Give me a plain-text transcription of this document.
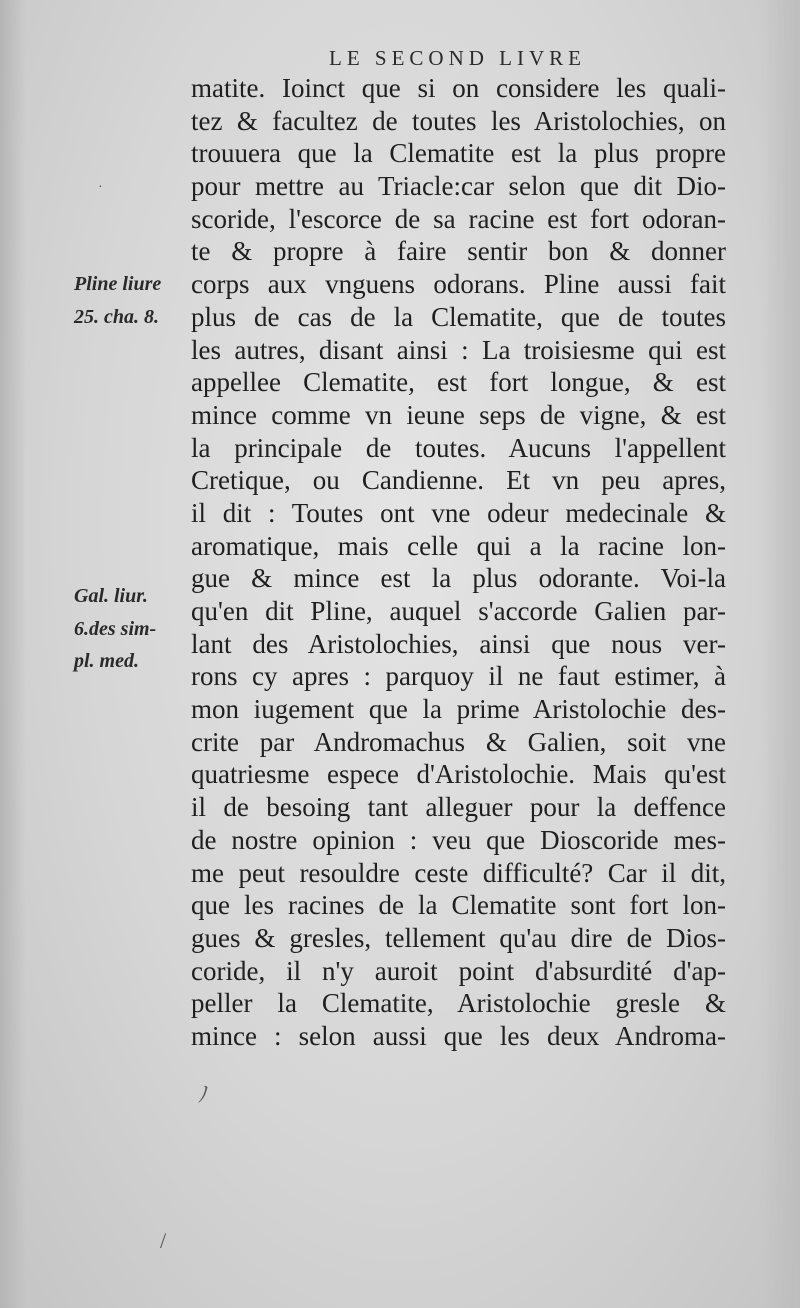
LE SECOND LIVRE
matite. Ioinct que si on considere les quali-
tez & facultez de toutes les Aristolochies, on
trouuera que la Clematite est la plus propre
pour mettre au Triacle:car selon que dit Dio-
scoride, l'escorce de sa racine est fort odoran-
te & propre à faire sentir bon & donner
corps aux vnguens odorans. Pline aussi fait
plus de cas de la Clematite, que de toutes
les autres, disant ainsi : La troisiesme qui est
appellee Clematite, est fort longue, & est
mince comme vn ieune seps de vigne, & est
la principale de toutes. Aucuns l'appellent
Cretique, ou Candienne. Et vn peu apres,
il dit : Toutes ont vne odeur medecinale &
aromatique, mais celle qui a la racine lon-
gue & mince est la plus odorante. Voi-la
qu'en dit Pline, auquel s'accorde Galien par-
lant des Aristolochies, ainsi que nous ver-
rons cy apres : parquoy il ne faut estimer, à
mon iugement que la prime Aristolochie des-
crite par Andromachus & Galien, soit vne
quatriesme espece d'Aristolochie. Mais qu'est
il de besoing tant alleguer pour la deffence
de nostre opinion : veu que Dioscoride mes-
me peut resouldre ceste difficulté? Car il dit,
que les racines de la Clematite sont fort lon-
gues & gresles, tellement qu'au dire de Dios-
coride, il n'y auroit point d'absurdité d'ap-
peller la Clematite, Aristolochie gresle &
mince : selon aussi que les deux Androma-
Pline liure
25. cha. 8.
Gal. liur.
6.des sim-
pl. med.
·
ﾉ
/
